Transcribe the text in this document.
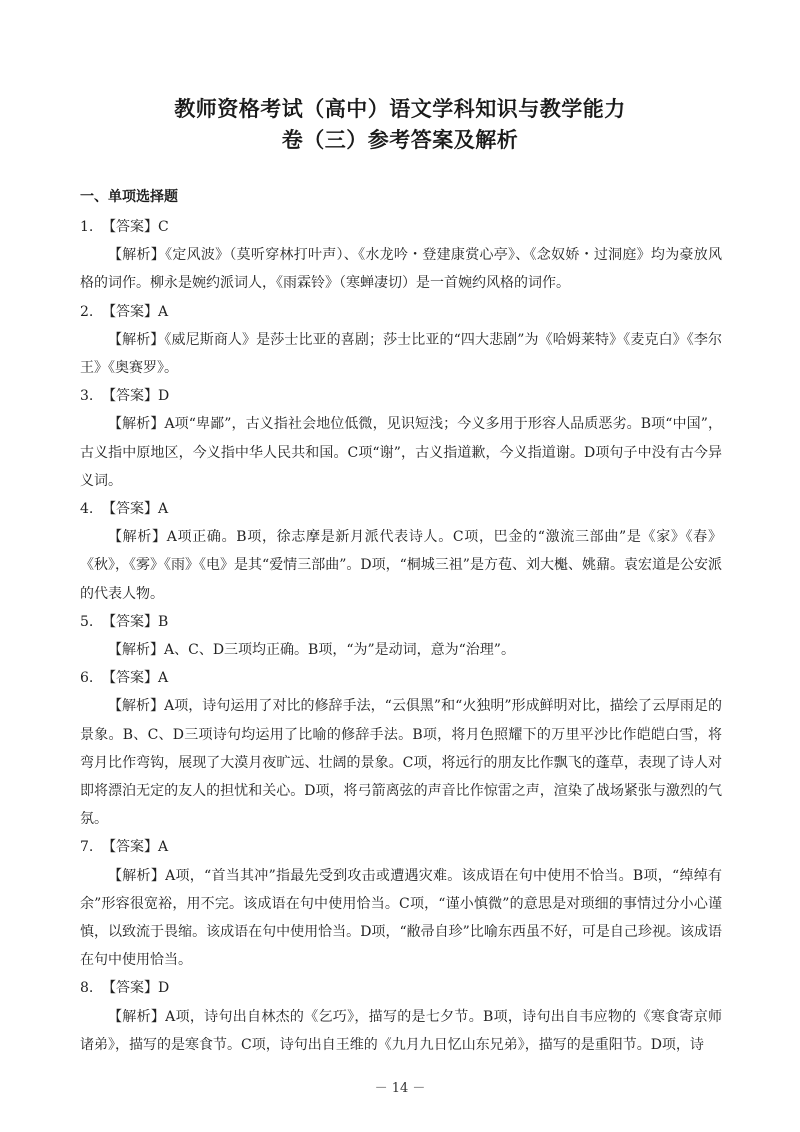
教师资格考试（高中）语文学科知识与教学能力
卷（三）参考答案及解析
一、单项选择题

1. 【答案】C

【解析】《定风波》（莫听穿林打叶声）、《水龙吟・登建康赏心亭》、《念奴娇・过洞庭》均为豪放风格的词作。柳永是婉约派词人，《雨霖铃》（寒蝉凄切）是一首婉约风格的词作。

2. 【答案】A

【解析】《威尼斯商人》是莎士比亚的喜剧；莎士比亚的“四大悲剧”为《哈姆莱特》《麦克白》《李尔王》《奥赛罗》。

3. 【答案】D

【解析】A项“卑鄙”，古义指社会地位低微，见识短浅；今义多用于形容人品质恶劣。B项“中国”，古义指中原地区，今义指中华人民共和国。C项“谢”，古义指道歉，今义指道谢。D项句子中没有古今异义词。

4. 【答案】A

【解析】A项正确。B项，徐志摩是新月派代表诗人。C项，巴金的“激流三部曲”是《家》《春》《秋》，《雾》《雨》《电》是其“爱情三部曲”。D项，“桐城三祖”是方苞、刘大櫆、姚鼐。袁宏道是公安派的代表人物。

5. 【答案】B

【解析】A、C、D三项均正确。B项，“为”是动词，意为“治理”。

6. 【答案】A

【解析】A项，诗句运用了对比的修辞手法，“云俱黑”和“火独明”形成鲜明对比，描绘了云厚雨足的景象。B、C、D三项诗句均运用了比喻的修辞手法。B项，将月色照耀下的万里平沙比作皑皑白雪，将弯月比作弯钩，展现了大漠月夜旷远、壮阔的景象。C项，将远行的朋友比作飘飞的蓬草，表现了诗人对即将漂泊无定的友人的担忧和关心。D项，将弓箭离弦的声音比作惊雷之声，渲染了战场紧张与激烈的气氛。

7. 【答案】A

【解析】A项，“首当其冲”指最先受到攻击或遭遇灾难。该成语在句中使用不恰当。B项，“绰绰有余”形容很宽裕，用不完。该成语在句中使用恰当。C项，“谨小慎微”的意思是对琐细的事情过分小心谨慎，以致流于畏缩。该成语在句中使用恰当。D项，“敝帚自珍”比喻东西虽不好，可是自己珍视。该成语在句中使用恰当。

8. 【答案】D

【解析】A项，诗句出自林杰的《乞巧》，描写的是七夕节。B项，诗句出自韦应物的《寒食寄京师诸弟》，描写的是寒食节。C项，诗句出自王维的《九月九日忆山东兄弟》，描写的是重阳节。D项，诗

－ 14 －
